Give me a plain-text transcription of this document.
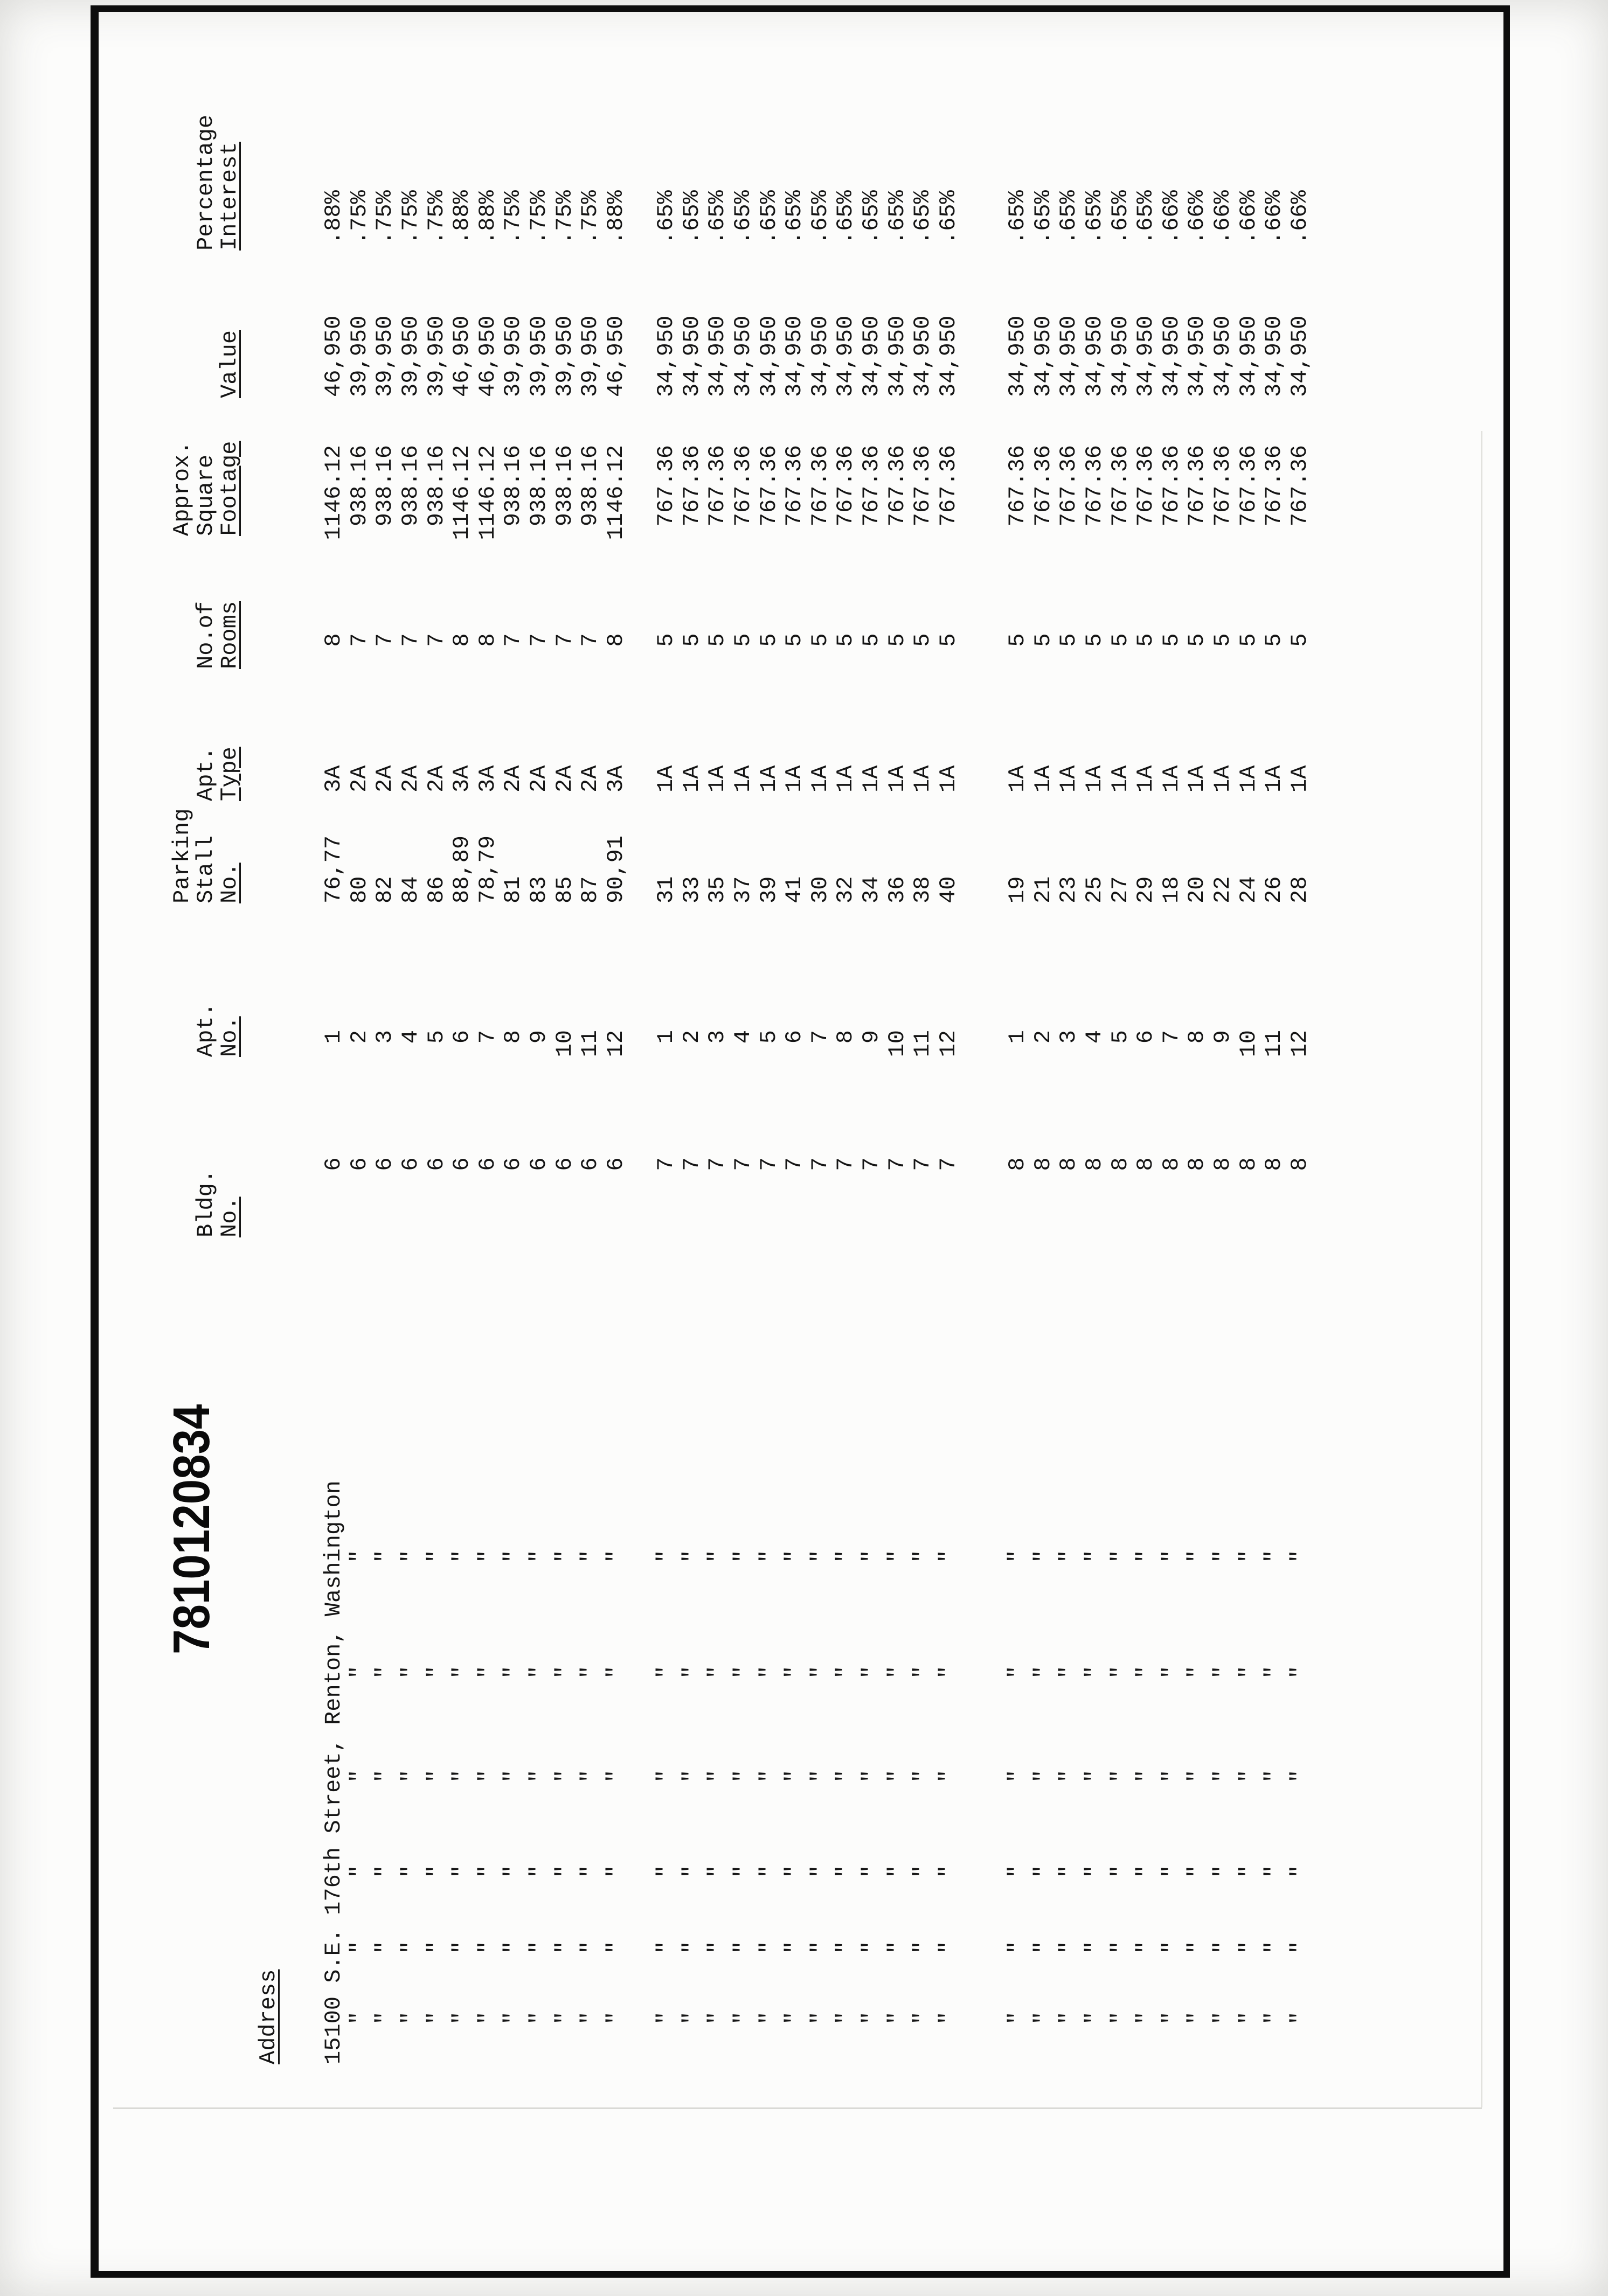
7810120834
Address
Bldg.
No.
Apt.
No.
Parking
Stall
No.
Apt.
Type
No.of
Rooms
Approx.
Square
Footage
Value
Percentage
Interest
15100 S.E. 176th Street, Renton, Washington
6
1
76,77
3A
8
1146.12
46,950
.88%
"
"
"
"
"
"
6
2
80
2A
7
938.16
39,950
.75%
"
"
"
"
"
"
6
3
82
2A
7
938.16
39,950
.75%
"
"
"
"
"
"
6
4
84
2A
7
938.16
39,950
.75%
"
"
"
"
"
"
6
5
86
2A
7
938.16
39,950
.75%
"
"
"
"
"
"
6
6
88,89
3A
8
1146.12
46,950
.88%
"
"
"
"
"
"
6
7
78,79
3A
8
1146.12
46,950
.88%
"
"
"
"
"
"
6
8
81
2A
7
938.16
39,950
.75%
"
"
"
"
"
"
6
9
83
2A
7
938.16
39,950
.75%
"
"
"
"
"
"
6
10
85
2A
7
938.16
39,950
.75%
"
"
"
"
"
"
6
11
87
2A
7
938.16
39,950
.75%
"
"
"
"
"
"
6
12
90,91
3A
8
1146.12
46,950
.88%
"
"
"
"
"
"
7
1
31
1A
5
767.36
34,950
.65%
"
"
"
"
"
"
7
2
33
1A
5
767.36
34,950
.65%
"
"
"
"
"
"
7
3
35
1A
5
767.36
34,950
.65%
"
"
"
"
"
"
7
4
37
1A
5
767.36
34,950
.65%
"
"
"
"
"
"
7
5
39
1A
5
767.36
34,950
.65%
"
"
"
"
"
"
7
6
41
1A
5
767.36
34,950
.65%
"
"
"
"
"
"
7
7
30
1A
5
767.36
34,950
.65%
"
"
"
"
"
"
7
8
32
1A
5
767.36
34,950
.65%
"
"
"
"
"
"
7
9
34
1A
5
767.36
34,950
.65%
"
"
"
"
"
"
7
10
36
1A
5
767.36
34,950
.65%
"
"
"
"
"
"
7
11
38
1A
5
767.36
34,950
.65%
"
"
"
"
"
"
7
12
40
1A
5
767.36
34,950
.65%
"
"
"
"
"
"
8
1
19
1A
5
767.36
34,950
.65%
"
"
"
"
"
"
8
2
21
1A
5
767.36
34,950
.65%
"
"
"
"
"
"
8
3
23
1A
5
767.36
34,950
.65%
"
"
"
"
"
"
8
4
25
1A
5
767.36
34,950
.65%
"
"
"
"
"
"
8
5
27
1A
5
767.36
34,950
.65%
"
"
"
"
"
"
8
6
29
1A
5
767.36
34,950
.65%
"
"
"
"
"
"
8
7
18
1A
5
767.36
34,950
.66%
"
"
"
"
"
"
8
8
20
1A
5
767.36
34,950
.66%
"
"
"
"
"
"
8
9
22
1A
5
767.36
34,950
.66%
"
"
"
"
"
"
8
10
24
1A
5
767.36
34,950
.66%
"
"
"
"
"
"
8
11
26
1A
5
767.36
34,950
.66%
"
"
"
"
"
"
8
12
28
1A
5
767.36
34,950
.66%
